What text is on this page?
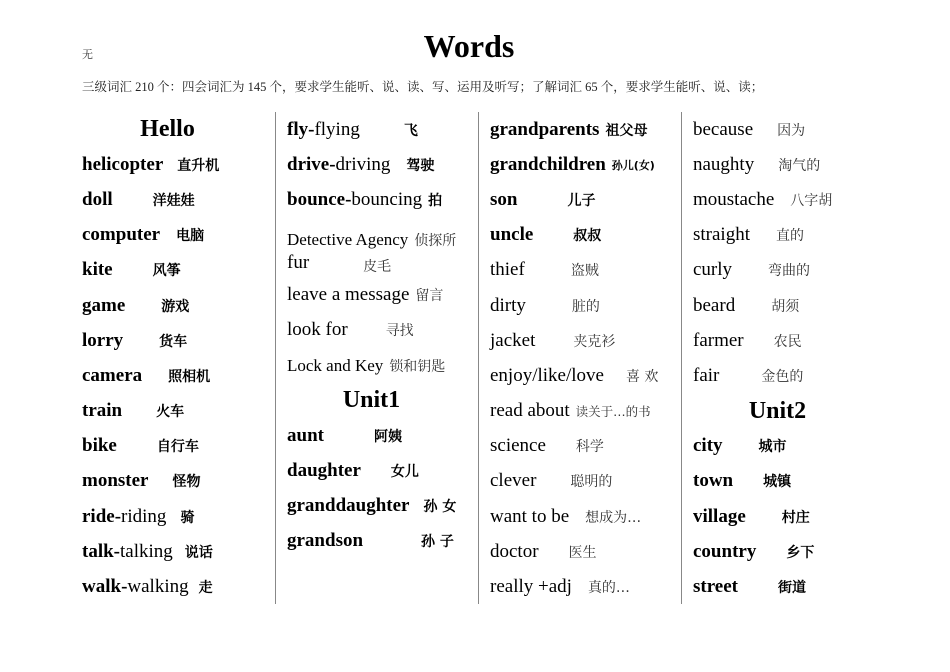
无	Words
三级词汇 210 个：四会词汇为 145 个，要求学生能听、说、读、写、运用及听写；了解词汇 65 个，要求学生能听、说、读；
Hello
helicopter 直升机
doll	洋娃娃
computer 电脑
kite	风筝
game	游戏
lorry	货车
camera 照相机
train 火车
bike	自行车
monster 怪物
ride- riding 骑
talk- talking 说话
walk- walking 走
fly- flying	飞
drive- driving 驾驶
bounce- bouncing 拍
Detective Agency 侦探所
fur	皮毛
leave a message 留言
look for	寻找
Lock and Key 锁和钥匙
Unit1
aunt	阿姨
daughter 女儿
granddaughter 孙 女
grandson	孙 子
grandparents 祖父母
grandchildren 孙儿(女)
son	儿子
uncle	叔叔
thief	盗贼
dirty	脏的
jacket	夹克衫
enjoy/like/love 喜 欢
read about 读关于…的书
science 科学
clever 聪明的
want to be 想成为…
doctor 医生
really +adj 真的…
because 因为
naughty 淘气的
moustache 八字胡
straight 直的
curly	弯曲的
beard	胡须
farmer 农民
fair	金色的
Unit2
city	城市
town 城镇
village	村庄
country 乡下
street	街道
